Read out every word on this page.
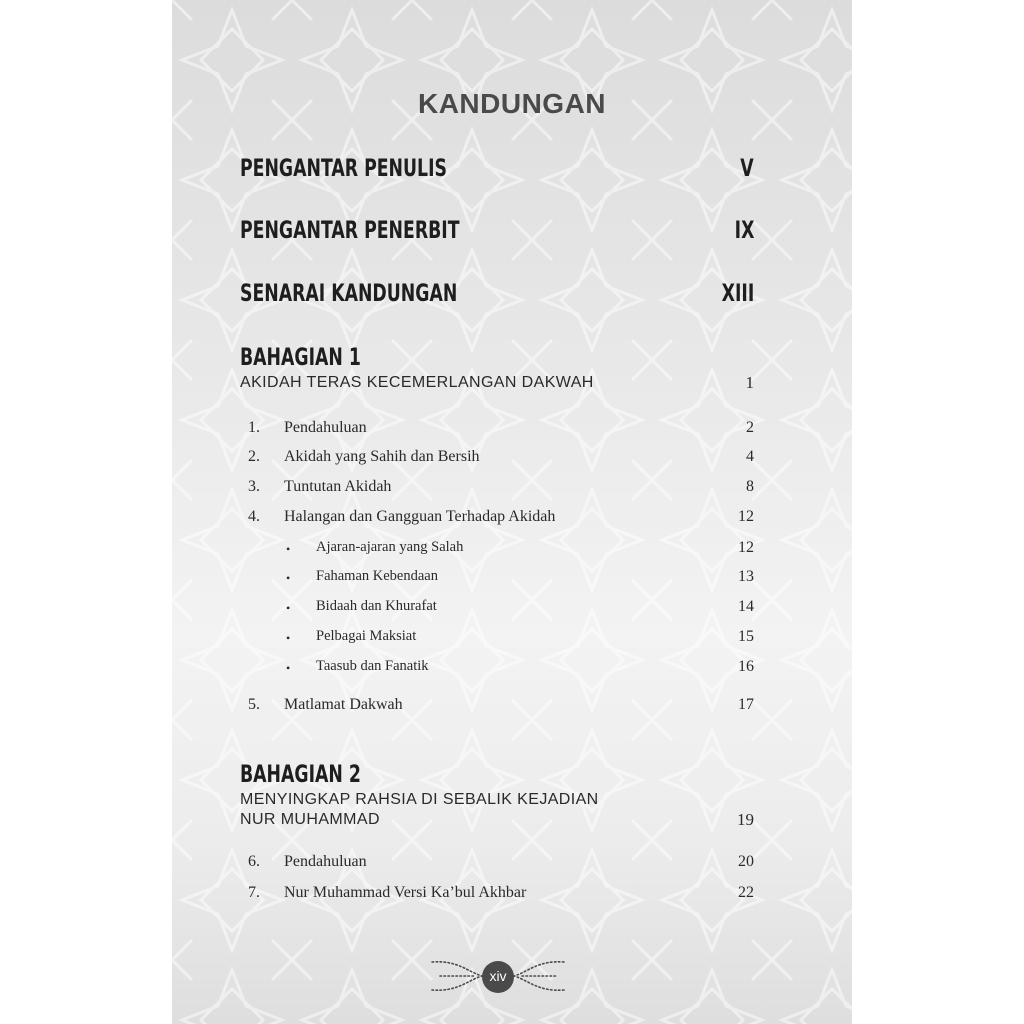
KANDUNGAN
PENGANTAR PENULIS	V
PENGANTAR PENERBIT	IX
SENARAI KANDUNGAN	XIII
BAHAGIAN 1
AKIDAH TERAS KECEMERLANGAN DAKWAH	1
1. Pendahuluan	2
2. Akidah yang Sahih dan Bersih	4
3. Tuntutan Akidah	8
4. Halangan dan Gangguan Terhadap Akidah	12
• Ajaran-ajaran yang Salah	12
• Fahaman Kebendaan	13
• Bidaah dan Khurafat	14
• Pelbagai Maksiat	15
• Taasub dan Fanatik	16
5. Matlamat Dakwah	17
BAHAGIAN 2
MENYINGKAP RAHSIA DI SEBALIK KEJADIAN
NUR MUHAMMAD	19
6. Pendahuluan	20
7. Nur Muhammad Versi Ka’bul Akhbar	22
xiv
